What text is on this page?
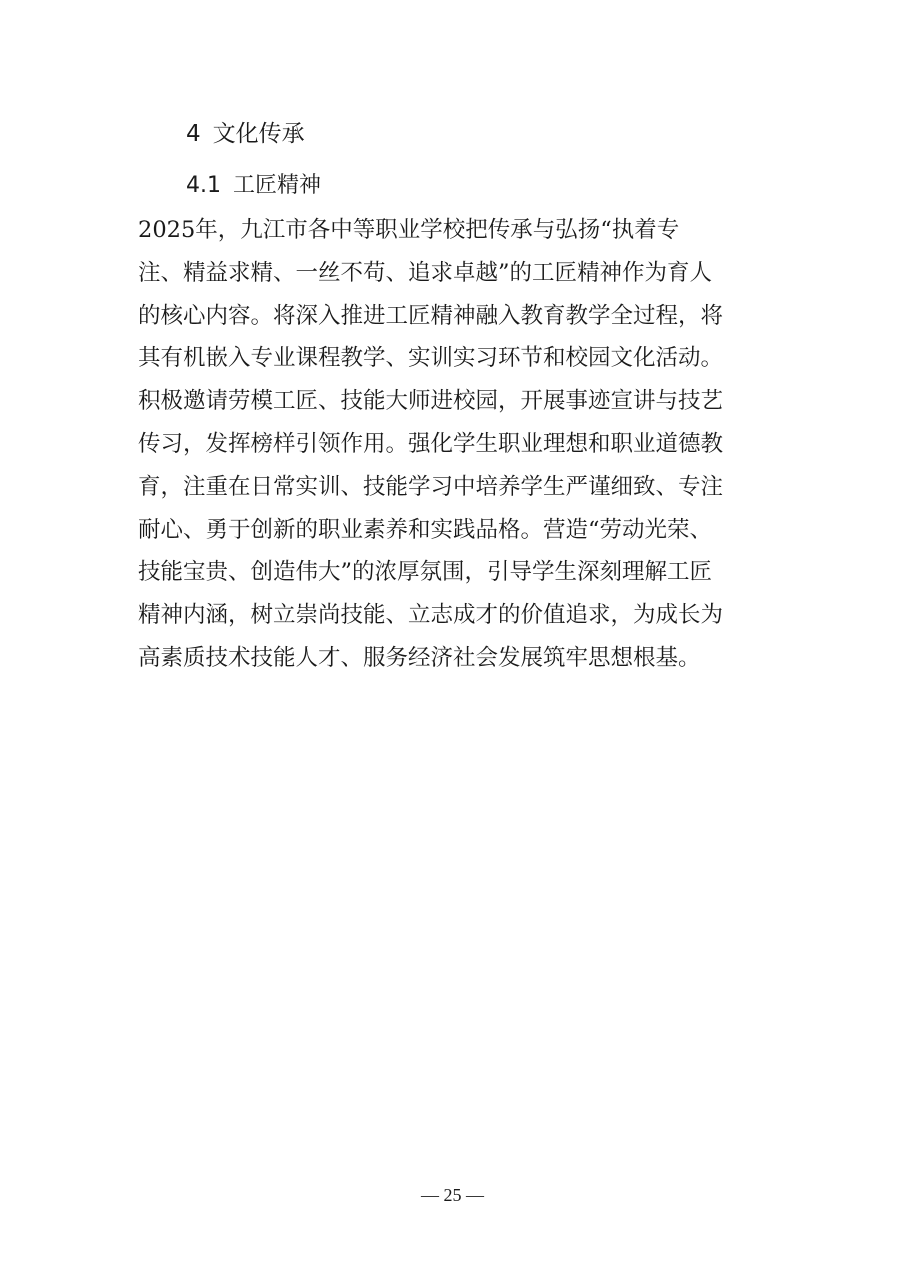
4 文化传承
4.1 工匠精神
2025年，九江市各中等职业学校把传承与弘扬“执着专
注、精益求精、一丝不苟、追求卓越”的工匠精神作为育人
的核心内容。将深入推进工匠精神融入教育教学全过程，将
其有机嵌入专业课程教学、实训实习环节和校园文化活动。
积极邀请劳模工匠、技能大师进校园，开展事迹宣讲与技艺
传习，发挥榜样引领作用。强化学生职业理想和职业道德教
育，注重在日常实训、技能学习中培养学生严谨细致、专注
耐心、勇于创新的职业素养和实践品格。营造“劳动光荣、
技能宝贵、创造伟大”的浓厚氛围，引导学生深刻理解工匠
精神内涵，树立崇尚技能、立志成才的价值追求，为成长为
高素质技术技能人才、服务经济社会发展筑牢思想根基。
— 25 —
